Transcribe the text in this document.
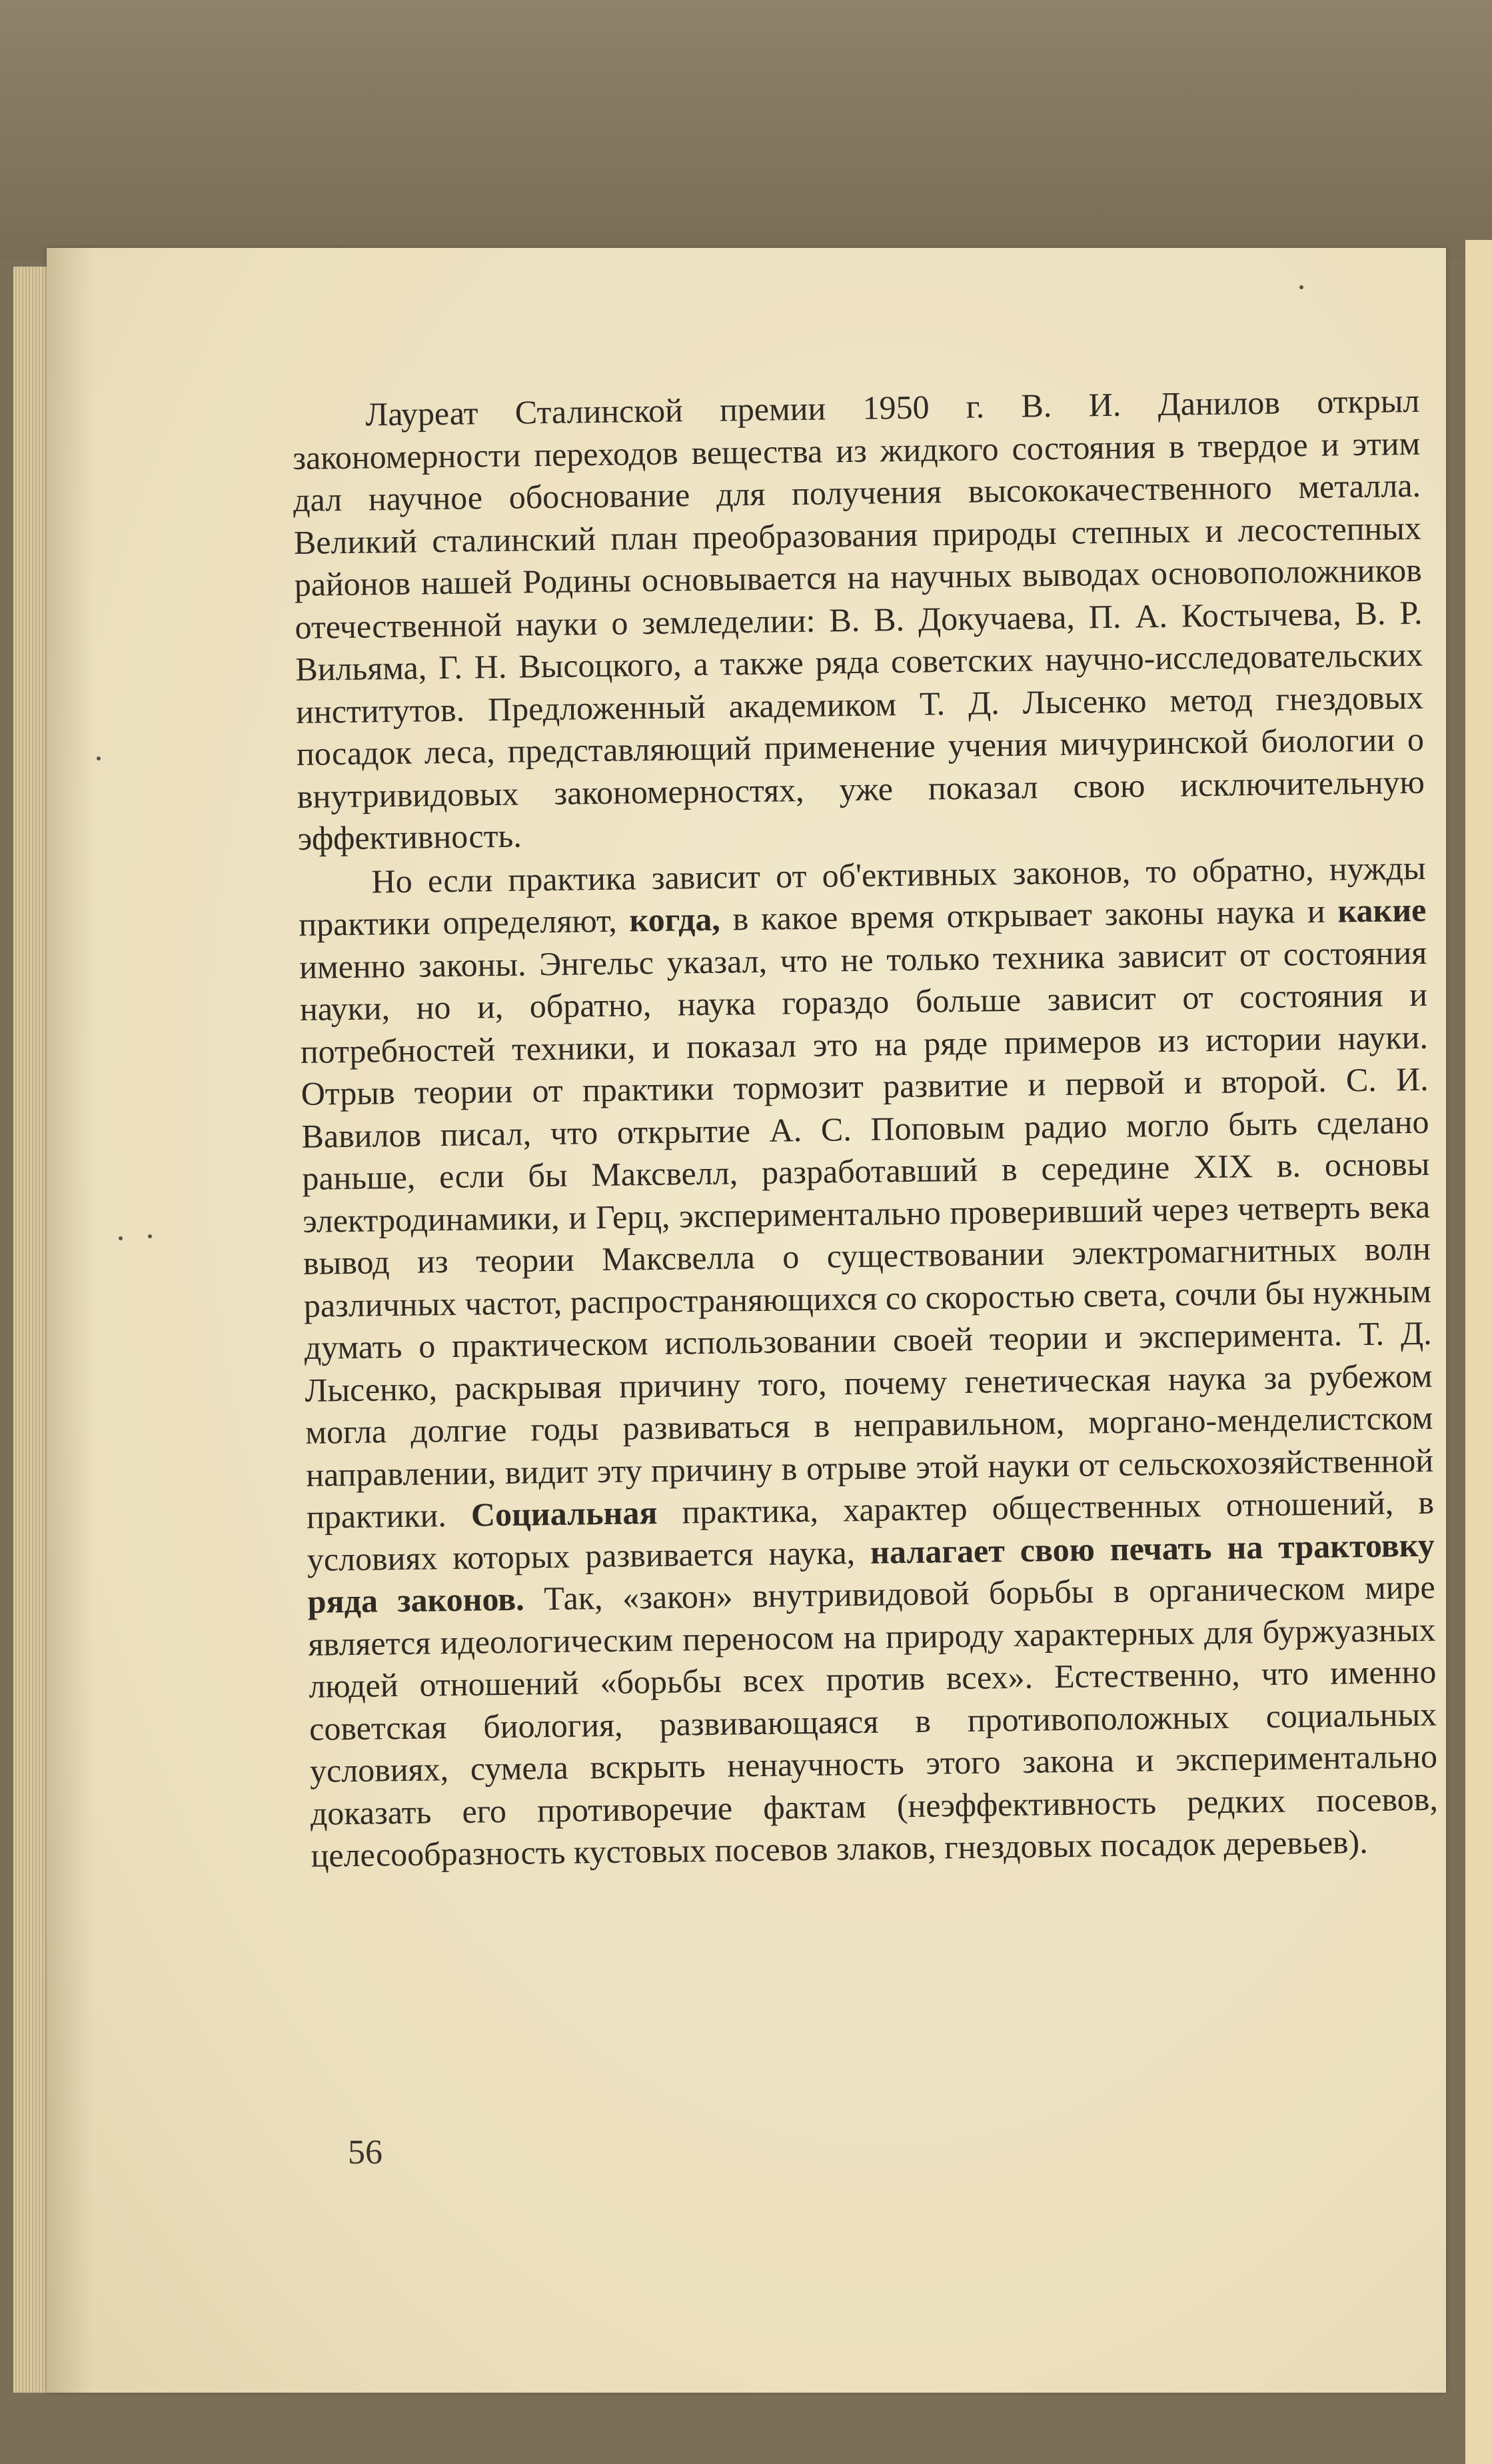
Лауреат Сталинской премии 1950 г. В. И. Данилов открыл закономерности переходов вещества из жидкого состояния в твердое и этим дал научное обоснование для получения высококачественного металла. Великий сталинский план преобразования природы степных и лесостепных районов нашей Родины основывается на научных выводах основоположников отечественной науки о земледелии: В. В. Докучаева, П. А. Костычева, В. Р. Вильяма, Г. Н. Высоцкого, а также ряда советских научно-исследовательских институтов. Предложенный академиком Т. Д. Лысенко метод гнездовых посадок леса, представляющий применение учения мичуринской биологии о внутривидовых закономерностях, уже показал свою исключительную эффективность.

Но если практика зависит от об'ективных законов, то обратно, нужды практики определяют, когда, в какое время открывает законы наука и какие именно законы. Энгельс указал, что не только техника зависит от состояния науки, но и, обратно, наука гораздо больше зависит от состояния и потребностей техники, и показал это на ряде примеров из истории науки. Отрыв теории от практики тормозит развитие и первой и второй. С. И. Вавилов писал, что открытие А. С. Поповым радио могло быть сделано раньше, если бы Максвелл, разработавший в середине XIX в. основы электродинамики, и Герц, экспериментально проверивший через четверть века вывод из теории Максвелла о существовании электромагнитных волн различных частот, распространяющихся со скоростью света, сочли бы нужным думать о практическом использовании своей теории и эксперимента. Т. Д. Лысенко, раскрывая причину того, почему генетическая наука за рубежом могла долгие годы развиваться в неправильном, моргано-менделистском направлении, видит эту причину в отрыве этой науки от сельскохозяйственной практики. Социальная практика, характер общественных отношений, в условиях которых развивается наука, налагает свою печать на трактовку ряда законов. Так, «закон» внутривидовой борьбы в органическом мире является идеологическим переносом на природу характерных для буржуазных людей отношений «борьбы всех против всех». Естественно, что именно советская биология, развивающаяся в противоположных социальных условиях, сумела вскрыть ненаучность этого закона и экспериментально доказать его противоречие фактам (неэффективность редких посевов, целесообразность кустовых посевов злаков, гнездовых посадок деревьев).

56
